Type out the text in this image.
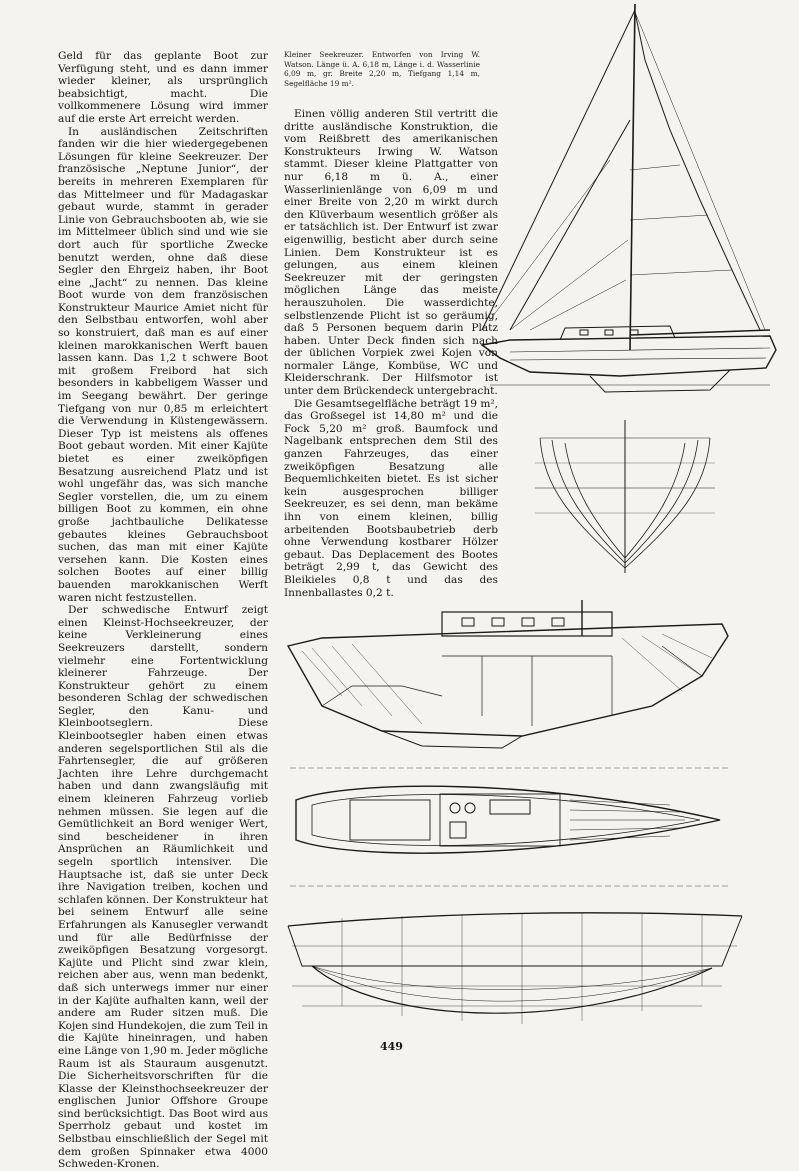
Geld für das geplante Boot zur Verfügung steht, und es dann immer wieder kleiner, als ursprünglich beabsichtigt, macht. Die vollkommenere Lösung wird immer auf die erste Art erreicht werden.

In ausländischen Zeitschriften fanden wir die hier wiedergegebenen Lösungen für kleine Seekreuzer. Der französische „Neptune Junior“, der bereits in mehreren Exemplaren für das Mittelmeer und für Madagaskar gebaut wurde, stammt in gerader Linie von Gebrauchsbooten ab, wie sie im Mittelmeer üblich sind und wie sie dort auch für sportliche Zwecke benutzt werden, ohne daß diese Segler den Ehrgeiz haben, ihr Boot eine „Jacht“ zu nennen. Das kleine Boot wurde von dem französischen Konstrukteur Maurice Amiet nicht für den Selbstbau entworfen, wohl aber so konstruiert, daß man es auf einer kleinen marokkanischen Werft bauen lassen kann. Das 1,2 t schwere Boot mit großem Freibord hat sich besonders in kabbeligem Wasser und im Seegang bewährt. Der geringe Tiefgang von nur 0,85 m erleichtert die Verwendung in Küstengewässern. Dieser Typ ist meistens als offenes Boot gebaut worden. Mit einer Kajüte bietet es einer zweiköpfigen Besatzung ausreichend Platz und ist wohl ungefähr das, was sich manche Segler vorstellen, die, um zu einem billigen Boot zu kommen, ein ohne große jachtbauliche Delikatesse gebautes kleines Gebrauchsboot suchen, das man mit einer Kajüte versehen kann. Die Kosten eines solchen Bootes auf einer billig bauenden marokkanischen Werft waren nicht festzustellen.

Der schwedische Entwurf zeigt einen Kleinst-Hochseekreuzer, der keine Verkleinerung eines Seekreuzers darstellt, sondern vielmehr eine Fortentwicklung kleinerer Fahrzeuge. Der Konstrukteur gehört zu einem besonderen Schlag der schwedischen Segler, den Kanu- und Kleinbootseglern. Diese Kleinbootsegler haben einen etwas anderen segelsportlichen Stil als die Fahrtensegler, die auf größeren Jachten ihre Lehre durchgemacht haben und dann zwangsläufig mit einem kleineren Fahrzeug vorlieb nehmen müssen. Sie legen auf die Gemütlichkeit an Bord weniger Wert, sind bescheidener in ihren Ansprüchen an Räumlichkeit und segeln sportlich intensiver. Die Hauptsache ist, daß sie unter Deck ihre Navigation treiben, kochen und schlafen können. Der Konstrukteur hat bei seinem Entwurf alle seine Erfahrungen als Kanusegler verwandt und für alle Bedürfnisse der zweiköpfigen Besatzung vorgesorgt. Kajüte und Plicht sind zwar klein, reichen aber aus, wenn man bedenkt, daß sich unterwegs immer nur einer in der Kajüte aufhalten kann, weil der andere am Ruder sitzen muß. Die Kojen sind Hundekojen, die zum Teil in die Kajüte hineinragen, und haben eine Länge von 1,90 m. Jeder mögliche Raum ist als Stauraum ausgenutzt. Die Sicherheitsvorschriften für die Klasse der Kleinsthochseekreuzer der englischen Junior Offshore Groupe sind berücksichtigt. Das Boot wird aus Sperrholz gebaut und kostet im Selbstbau einschließlich der Segel mit dem großen Spinnaker etwa 4000 Schweden-Kronen.

Kleiner Seekreuzer. Entworfen von Irving W. Watson. Länge ü. A. 6,18 m, Länge i. d. Wasserlinie 6,09 m, gr. Breite 2,20 m, Tiefgang 1,14 m, Segelfläche 19 m².

Einen völlig anderen Stil vertritt die dritte ausländische Konstruktion, die vom Reißbrett des amerikanischen Konstrukteurs Irwing W. Watson stammt. Dieser kleine Plattgatter von nur 6,18 m ü. A., einer Wasserlinienlänge von 6,09 m und einer Breite von 2,20 m wirkt durch den Klüverbaum wesentlich größer als er tatsächlich ist. Der Entwurf ist zwar eigenwillig, besticht aber durch seine Linien. Dem Konstrukteur ist es gelungen, aus einem kleinen Seekreuzer mit der geringsten möglichen Länge das meiste herauszuholen. Die wasserdichte, selbstlenzende Plicht ist so geräumig, daß 5 Personen bequem darin Platz haben. Unter Deck finden sich nach der üblichen Vorpiek zwei Kojen von normaler Länge, Kombüse, WC und Kleiderschrank. Der Hilfsmotor ist unter dem Brückendeck untergebracht.

Die Gesamtsegelfläche beträgt 19 m², das Großsegel ist 14,80 m² und die Fock 5,20 m² groß. Baumfock und Nagelbank entsprechen dem Stil des ganzen Fahrzeuges, das einer zweiköpfigen Besatzung alle Bequemlichkeiten bietet. Es ist sicher kein ausgesprochen billiger Seekreuzer, es sei denn, man bekäme ihn von einem kleinen, billig arbeitenden Bootsbaubetrieb derb ohne Verwendung kostbarer Hölzer gebaut. Das Deplacement des Bootes beträgt 2,99 t, das Gewicht des Bleikieles 0,8 t und das des Innenballastes 0,2 t.

449
